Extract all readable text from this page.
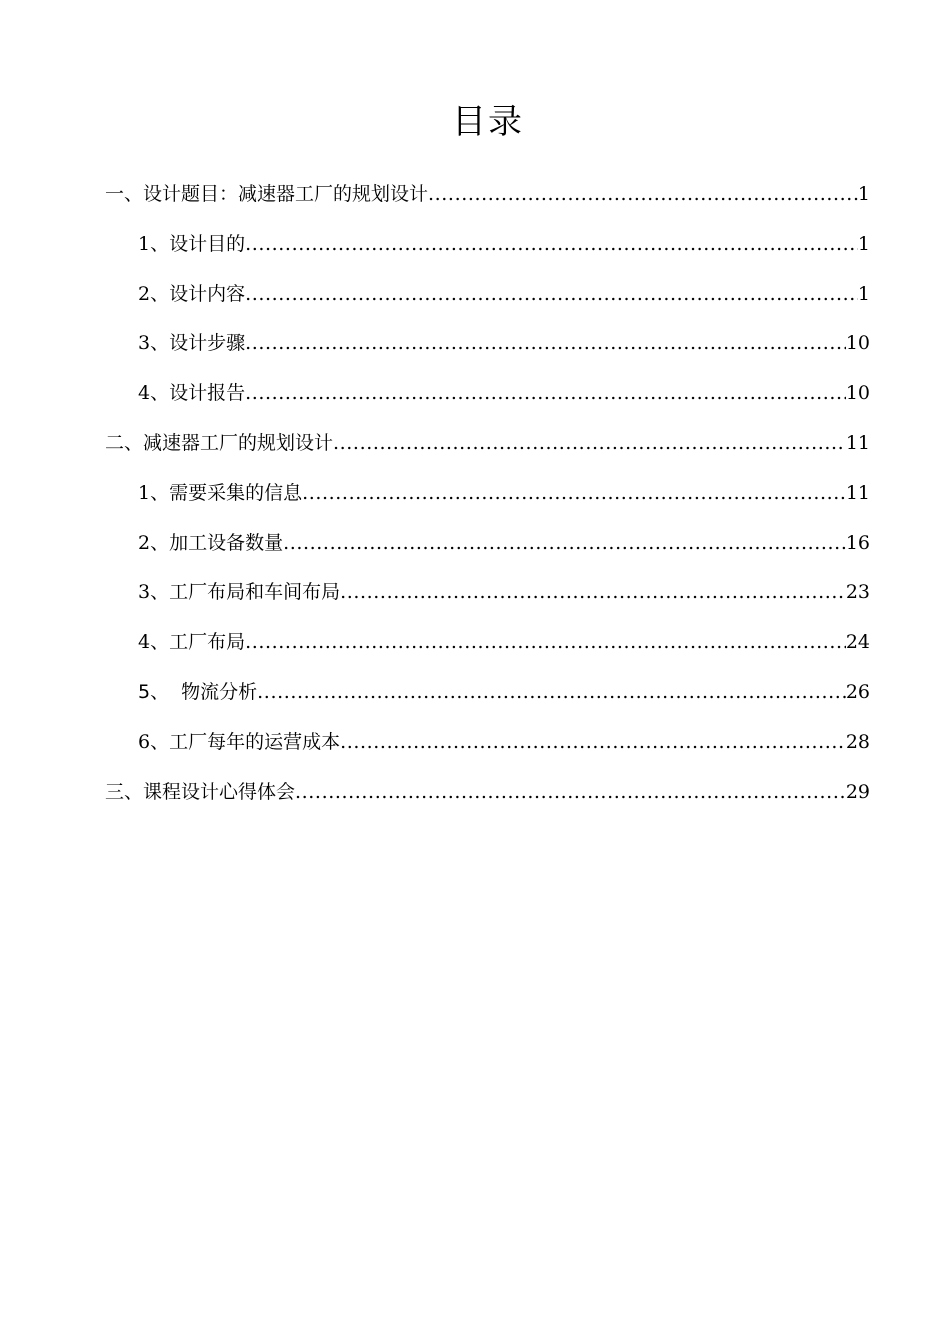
目录
一、设计题目：减速器工厂的规划设计 .....	1
1、设计目的 .....	1
2、设计内容 .....	1
3、设计步骤 .....	10
4、设计报告 .....	10
二、减速器工厂的规划设计 .....	11
1、需要采集的信息 .....	11
2、加工设备数量 .....	16
3、工厂布局和车间布局 .....	23
4、工厂布局 .....	24
5、  物流分析 .....	26
6、工厂每年的运营成本 .....	28
三、课程设计心得体会 .....	29
